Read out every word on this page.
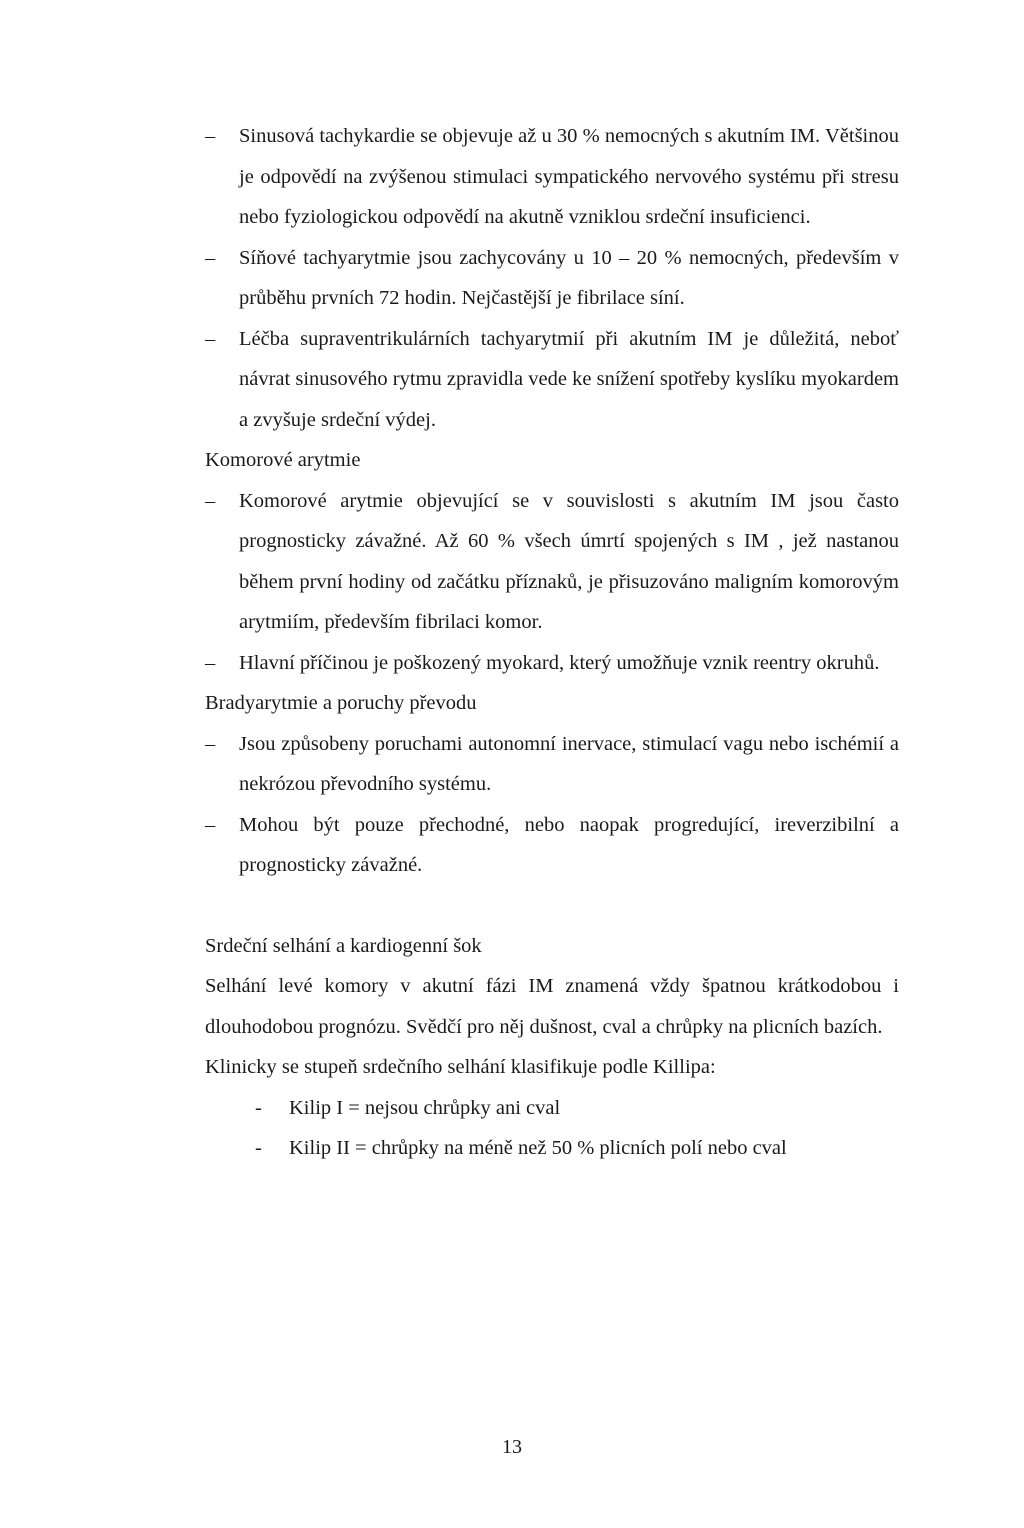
–	Sinusová tachykardie se objevuje až u 30 % nemocných s akutním IM. Většinou je odpovědí na zvýšenou stimulaci sympatického nervového systému při stresu nebo fyziologickou odpovědí na akutně vzniklou srdeční insuficienci.
–	Síňové tachyarytmie jsou zachycovány u 10 – 20 % nemocných, především v průběhu prvních 72 hodin. Nejčastější je fibrilace síní.
–	Léčba supraventrikulárních tachyarytmií při akutním IM je důležitá, neboť návrat sinusového rytmu zpravidla vede ke snížení spotřeby kyslíku myokardem a zvyšuje srdeční výdej.
Komorové arytmie
–	Komorové arytmie objevující se v souvislosti s akutním IM jsou často prognosticky závažné. Až 60 % všech úmrtí spojených s IM , jež nastanou během první hodiny od začátku příznaků, je přisuzováno maligním komorovým arytmiím, především fibrilaci komor.
–	Hlavní příčinou je poškozený myokard, který umožňuje vznik reentry okruhů.
Bradyarytmie a poruchy převodu
–	Jsou způsobeny poruchami autonomní inervace, stimulací vagu nebo ischémií a nekrózou převodního systému.
–	Mohou být pouze přechodné, nebo naopak progredující, ireverzibilní a prognosticky závažné.
Srdeční selhání a kardiogenní šok
Selhání levé komory v akutní fázi IM znamená vždy špatnou krátkodobou i dlouhodobou prognózu. Svědčí pro něj dušnost, cval a chrůpky na plicních bazích.
Klinicky se stupeň srdečního selhání klasifikuje podle Killipa:
-	Kilip I = nejsou chrůpky ani cval
-	Kilip II = chrůpky na méně než 50 % plicních polí nebo cval
13
